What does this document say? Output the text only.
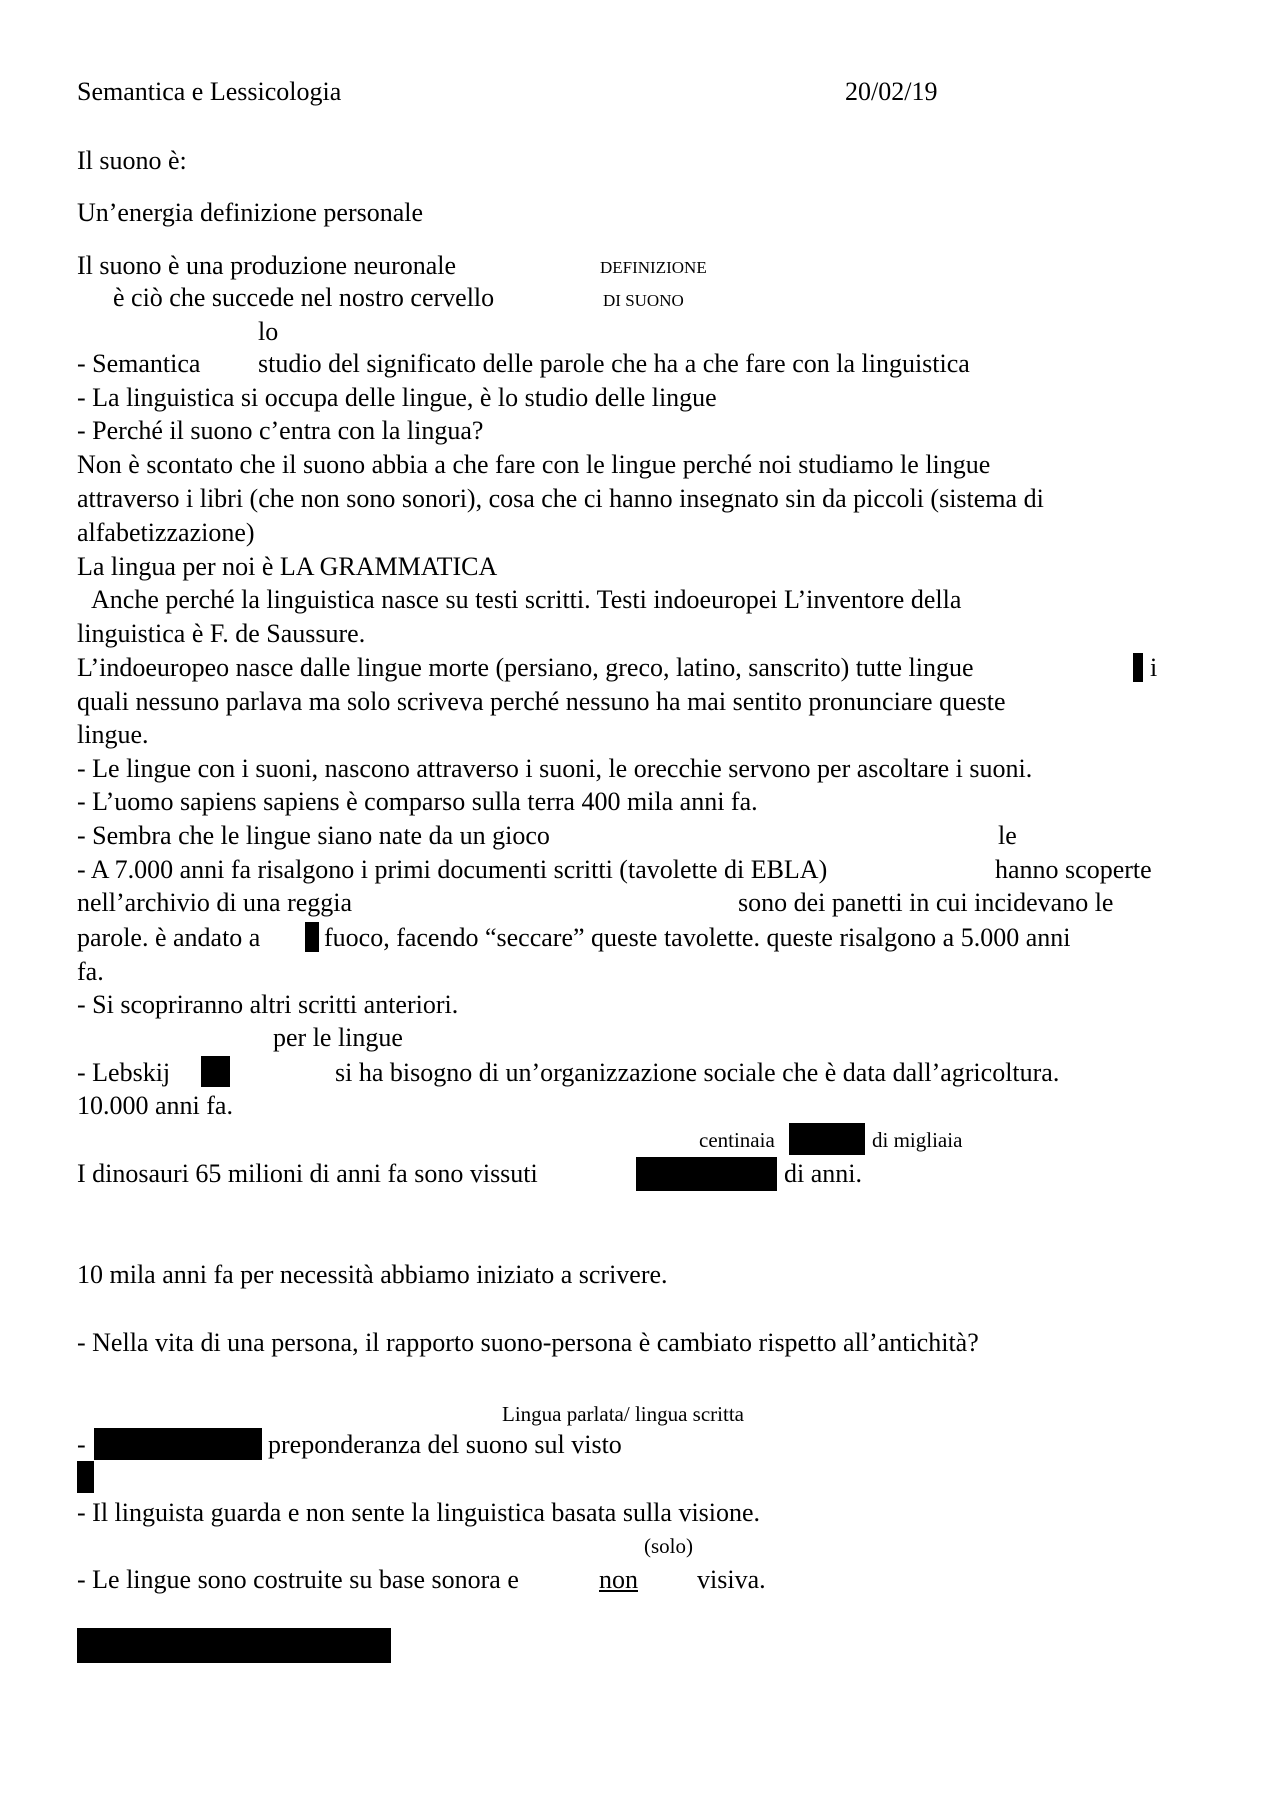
Semantica e Lessicologia	20/02/19
Il suono è:
Un’energia definizione personale
Il suono è una produzione neuronale	DEFINIZIONE
è ciò che succede nel nostro cervello	DI SUONO
lo
- Semantica studio del significato delle parole che ha a che fare con la linguistica
- La linguistica si occupa delle lingue, è lo studio delle lingue
- Perché il suono c’entra con la lingua?
Non è scontato che il suono abbia a che fare con le lingue perché noi studiamo le lingue
attraverso i libri (che non sono sonori), cosa che ci hanno insegnato sin da piccoli (sistema di
alfabetizzazione)
La lingua per noi è LA GRAMMATICA
Anche perché la linguistica nasce su testi scritti. Testi indoeuropei L’inventore della
linguistica è F. de Saussure.
L’indoeuropeo nasce dalle lingue morte (persiano, greco, latino, sanscrito) tutte lingue	i
quali nessuno parlava ma solo scriveva perché nessuno ha mai sentito pronunciare queste
lingue.
- Le lingue con i suoni, nascono attraverso i suoni, le orecchie servono per ascoltare i suoni.
- L’uomo sapiens sapiens è comparso sulla terra 400 mila anni fa.
- Sembra che le lingue siano nate da un gioco	le
- A 7.000 anni fa risalgono i primi documenti scritti (tavolette di EBLA)	hanno scoperte
nell’archivio di una reggia	sono dei panetti in cui incidevano le
parole. è andato a fuoco, facendo “seccare” queste tavolette. queste risalgono a 5.000 anni
fa.
- Si scopriranno altri scritti anteriori.
per le lingue
- Lebskij	si ha bisogno di un’organizzazione sociale che è data dall’agricoltura.
10.000 anni fa.
centinaia	di migliaia
I dinosauri 65 milioni di anni fa sono vissuti	di anni.
10 mila anni fa per necessità abbiamo iniziato a scrivere.
- Nella vita di una persona, il rapporto suono-persona è cambiato rispetto all’antichità?
Lingua parlata/ lingua scritta
-	preponderanza del suono sul visto
- Il linguista guarda e non sente la linguistica basata sulla visione.
(solo)
- Le lingue sono costruite su base sonora e	non visiva.
